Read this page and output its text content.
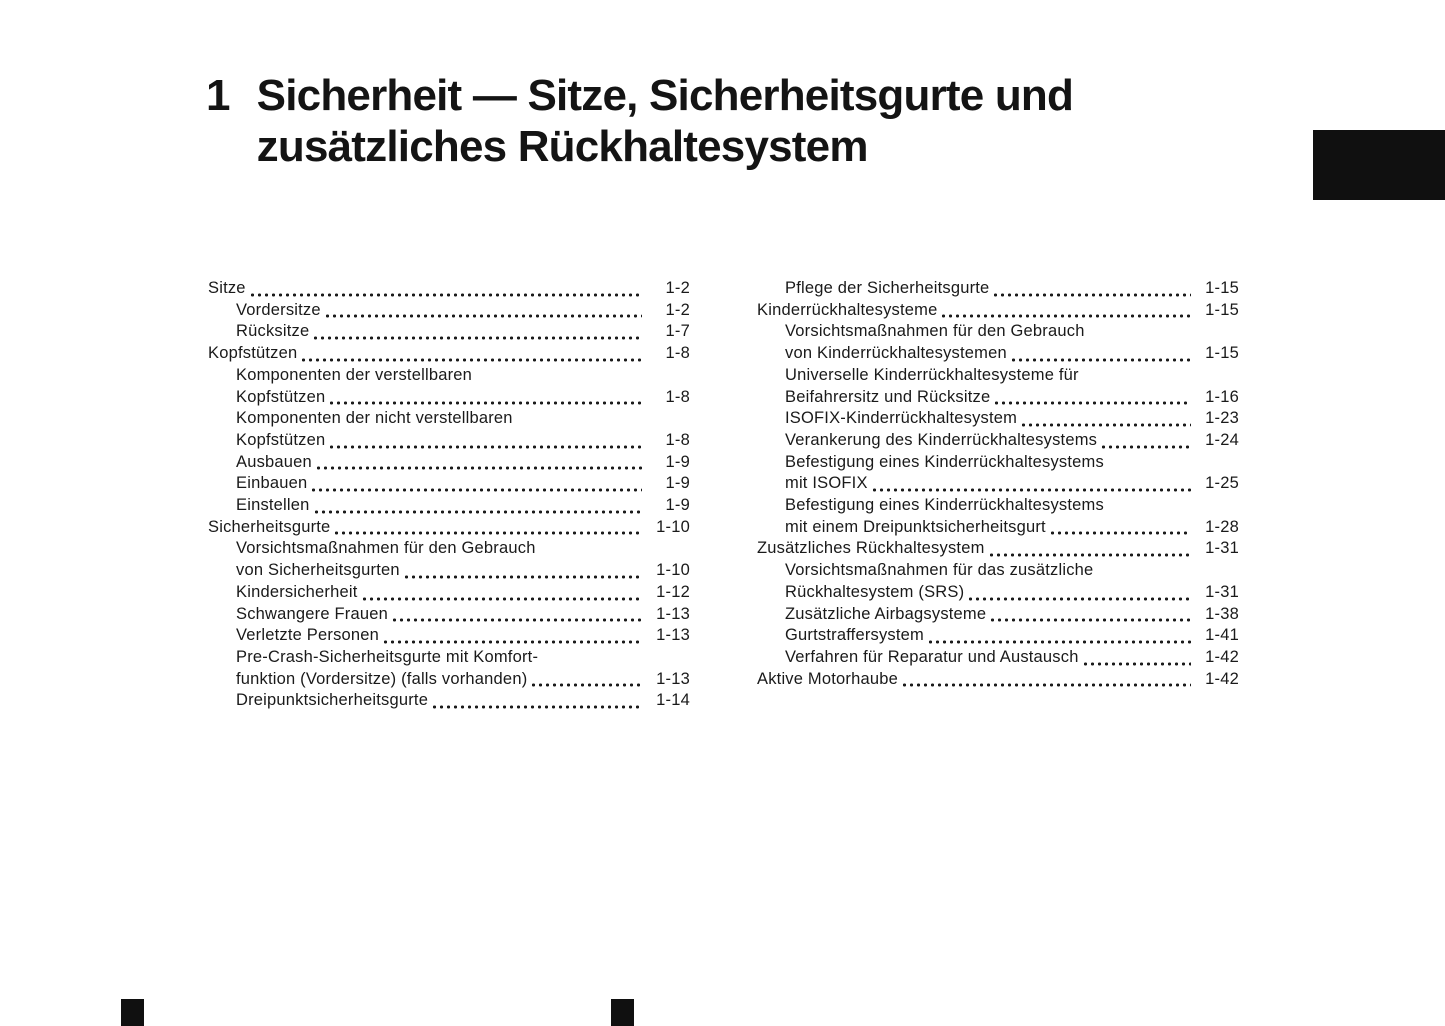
1 Sicherheit — Sitze, Sicherheitsgurte und zusätzliches Rückhaltesystem
Sitze	1-2
Vordersitze	1-2
Rücksitze	1-7
Kopfstützen	1-8
Komponenten der verstellbaren
Kopfstützen	1-8
Komponenten der nicht verstellbaren
Kopfstützen	1-8
Ausbauen	1-9
Einbauen	1-9
Einstellen	1-9
Sicherheitsgurte	1-10
Vorsichtsmaßnahmen für den Gebrauch
von Sicherheitsgurten	1-10
Kindersicherheit	1-12
Schwangere Frauen	1-13
Verletzte Personen	1-13
Pre-Crash-Sicherheitsgurte mit Komfort-
funktion (Vordersitze) (falls vorhanden)	1-13
Dreipunktsicherheitsgurte	1-14
Pflege der Sicherheitsgurte	1-15
Kinderrückhaltesysteme	1-15
Vorsichtsmaßnahmen für den Gebrauch
von Kinderrückhaltesystemen	1-15
Universelle Kinderrückhaltesysteme für
Beifahrersitz und Rücksitze	1-16
ISOFIX-Kinderrückhaltesystem	1-23
Verankerung des Kinderrückhaltesystems	1-24
Befestigung eines Kinderrückhaltesystems
mit ISOFIX	1-25
Befestigung eines Kinderrückhaltesystems
mit einem Dreipunktsicherheitsgurt	1-28
Zusätzliches Rückhaltesystem	1-31
Vorsichtsmaßnahmen für das zusätzliche
Rückhaltesystem (SRS)	1-31
Zusätzliche Airbagsysteme	1-38
Gurtstraffersystem	1-41
Verfahren für Reparatur und Austausch	1-42
Aktive Motorhaube	1-42
